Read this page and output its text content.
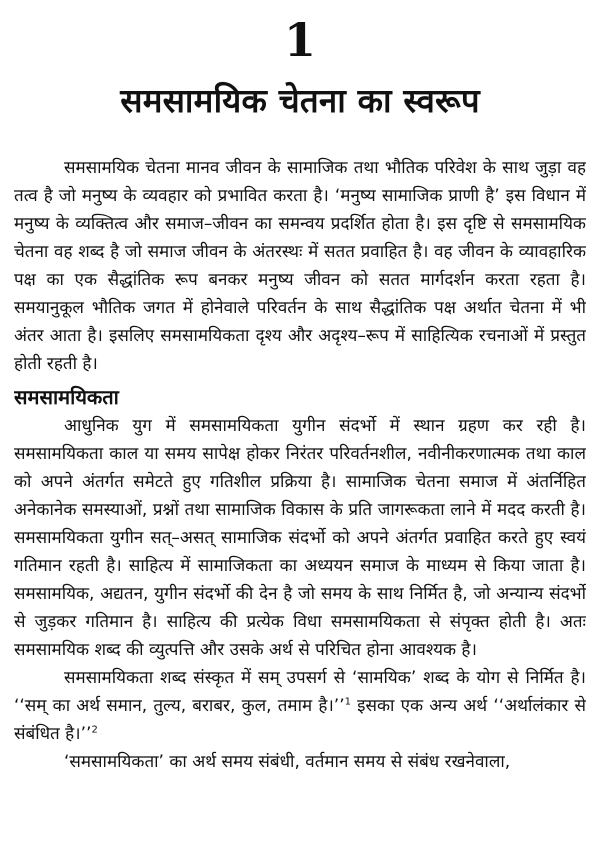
1
समसामयिक चेतना का स्वरूप

समसामयिक चेतना मानव जीवन के सामाजिक तथा भौतिक परिवेश के साथ जुड़ा वह तत्व है जो मनुष्य के व्यवहार को प्रभावित करता है। ‘मनुष्य सामाजिक प्राणी है’ इस विधान में मनुष्य के व्यक्तित्व और समाज–जीवन का समन्वय प्रदर्शित होता है। इस दृष्टि से समसामयिक चेतना वह शब्द है जो समाज जीवन के अंतरस्थः में सतत प्रवाहित है। वह जीवन के व्यावहारिक पक्ष का एक सैद्धांतिक रूप बनकर मनुष्य जीवन को सतत मार्गदर्शन करता रहता है। समयानुकूल भौतिक जगत में होनेवाले परिवर्तन के साथ सैद्धांतिक पक्ष अर्थात चेतना में भी अंतर आता है। इसलिए समसामयिकता दृश्य और अदृश्य–रूप में साहित्यिक रचनाओं में प्रस्तुत होती रहती है।

समसामयिकता

आधुनिक युग में समसामयिकता युगीन संदर्भो में स्थान ग्रहण कर रही है। समसामयिकता काल या समय सापेक्ष होकर निरंतर परिवर्तनशील, नवीनीकरणात्मक तथा काल को अपने अंतर्गत समेटते हुए गतिशील प्रक्रिया है। सामाजिक चेतना समाज में अंतर्निहित अनेकानेक समस्याओं, प्रश्नों तथा सामाजिक विकास के प्रति जागरूकता लाने में मदद करती है। समसामयिकता युगीन सत्–असत् सामाजिक संदर्भो को अपने अंतर्गत प्रवाहित करते हुए स्वयं गतिमान रहती है। साहित्य में सामाजिकता का अध्ययन समाज के माध्यम से किया जाता है। समसामयिक, अद्यतन, युगीन संदर्भो की देन है जो समय के साथ निर्मित है, जो अन्यान्य संदर्भो से जुड़कर गतिमान है। साहित्य की प्रत्येक विधा समसामयिकता से संपृक्त होती है। अतः समसामयिक शब्द की व्युत्पत्ति और उसके अर्थ से परिचित होना आवश्यक है।

समसामयिकता शब्द संस्कृत में सम् उपसर्ग से ‘सामयिक’ शब्द के योग से निर्मित है। ‘‘सम् का अर्थ समान, तुल्य, बराबर, कुल, तमाम है।’’$^1$ इसका एक अन्य अर्थ ‘‘अर्थालंकार से संबंधित है।’’$^2$

‘समसामयिकता’ का अर्थ समय संबंधी, वर्तमान समय से संबंध रखनेवाला,
